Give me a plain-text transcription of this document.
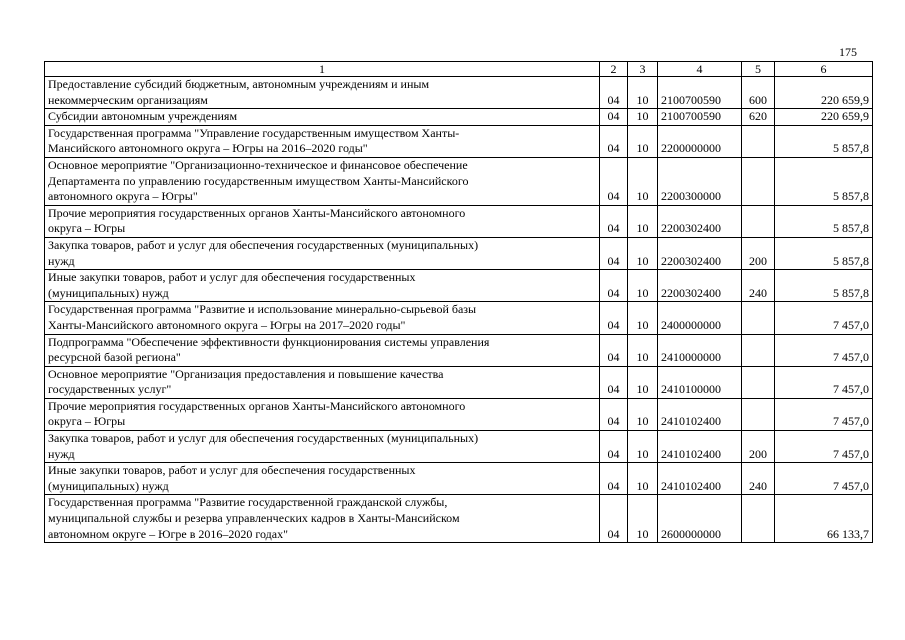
175
1	2	3	4	5	6
Предоставление субсидий бюджетным, автономным учреждениям и иным
некоммерческим организациям	04	10	2100700590	600	220 659,9
Субсидии автономным учреждениям	04	10	2100700590	620	220 659,9
Государственная программа "Управление государственным имуществом Ханты-
Мансийского автономного округа – Югры на 2016–2020 годы"	04	10	2200000000		5 857,8
Основное мероприятие "Организационно-техническое и финансовое обеспечение
Департамента по управлению государственным имуществом Ханты-Мансийского
автономного округа – Югры"	04	10	2200300000		5 857,8
Прочие мероприятия государственных органов Ханты-Мансийского автономного
округа – Югры	04	10	2200302400		5 857,8
Закупка товаров, работ и услуг для обеспечения государственных (муниципальных)
нужд	04	10	2200302400	200	5 857,8
Иные закупки товаров, работ и услуг для обеспечения государственных
(муниципальных) нужд	04	10	2200302400	240	5 857,8
Государственная программа "Развитие и использование минерально-сырьевой базы
Ханты-Мансийского автономного округа – Югры на 2017–2020 годы"	04	10	2400000000		7 457,0
Подпрограмма "Обеспечение эффективности функционирования системы управления
ресурсной базой региона"	04	10	2410000000		7 457,0
Основное мероприятие "Организация предоставления и повышение качества
государственных услуг"	04	10	2410100000		7 457,0
Прочие мероприятия государственных органов Ханты-Мансийского автономного
округа – Югры	04	10	2410102400		7 457,0
Закупка товаров, работ и услуг для обеспечения государственных (муниципальных)
нужд	04	10	2410102400	200	7 457,0
Иные закупки товаров, работ и услуг для обеспечения государственных
(муниципальных) нужд	04	10	2410102400	240	7 457,0
Государственная программа "Развитие государственной гражданской службы,
муниципальной службы и резерва управленческих кадров в Ханты-Мансийском
автономном округе – Югре в 2016–2020 годах"	04	10	2600000000		66 133,7
